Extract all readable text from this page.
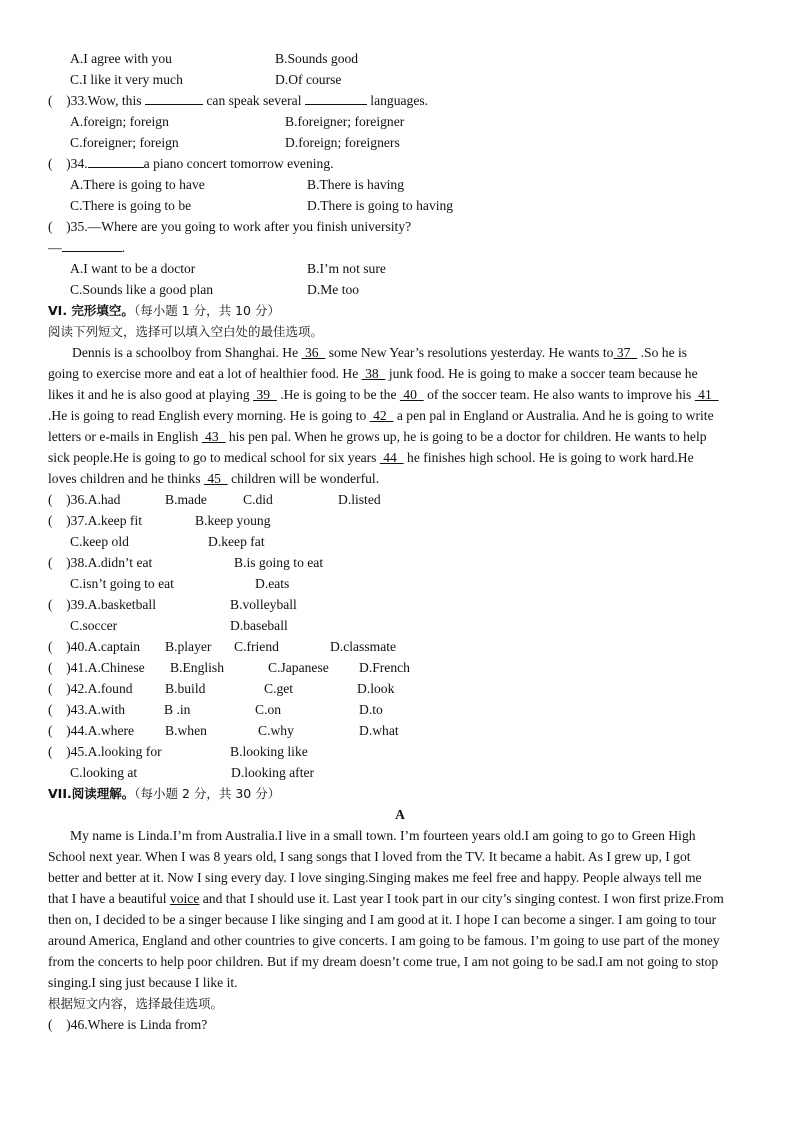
A.I agree with you	B.Sounds good
C.I like it very much	D.Of course
(　)33.Wow, this	can speak several	languages.
A.foreign; foreign	B.foreigner; foreigner
C.foreigner; foreign	D.foreign; foreigners
(　)34.	a piano concert tomorrow evening.
A.There is going to have	B.There is having
C.There is going to be	D.There is going to having
(　)35.—Where are you going to work after you finish university?
—	.
A.I want to be a doctor	B.I’m not sure
C.Sounds like a good plan	D.Me too
VI. 完形填空。（每小题 1 分，共 10 分）
阅读下列短文，选择可以填入空白处的最佳选项。
Dennis is a schoolboy from Shanghai. He  36   some New Year’s resolutions yesterday. He wants to 37   .So he is
going to exercise more and eat a lot of healthier food. He  38   junk food. He is going to make a soccer team because he
likes it and he is also good at playing  39   .He is going to be the  40   of the soccer team. He also wants to improve his  41
.He is going to read English every morning. He is going to  42   a pen pal in England or Australia. And he is going to write
letters or e-mails in English  43   his pen pal. When he grows up, he is going to be a doctor for children. He wants to help
sick people.He is going to go to medical school for six years  44   he finishes high school. He is going to work hard.He
loves children and he thinks  45   children will be wonderful.
(　)36.A.had	B.made	C.did	D.listed
(　)37.A.keep fit	B.keep young
C.keep old	D.keep fat
(　)38.A.didn’t eat	B.is going to eat
C.isn’t going to eat	D.eats
(　)39.A.basketball	B.volleyball
C.soccer	D.baseball
(　)40.A.captain B.player C.friend	D.classmate
(　)41.A.Chinese B.English	C.Japanese D.French
(　)42.A.found B.build	C.get	D.look
(　)43.A.with	B .in	C.on	D.to
(　)44.A.where B.when	C.why	D.what
(　)45.A.looking for	B.looking like
C.looking at	D.looking after
VII.阅读理解。（每小题 2 分，共 30 分）
A
My name is Linda.I’m from Australia.I live in a small town. I’m fourteen years old.I am going to go to Green High
School next year. When I was 8 years old, I sang songs that I loved from the TV. It became a habit. As I grew up, I got
better and better at it. Now I sing every day. I love singing.Singing makes me feel free and happy. People always tell me
that I have a beautiful voice and that I should use it. Last year I took part in our city’s singing contest. I won first prize.From
then on, I decided to be a singer because I like singing and I am good at it. I hope I can become a singer. I am going to tour
around America, England and other countries to give concerts. I am going to be famous. I’m going to use part of the money
from the concerts to help poor children. But if my dream doesn’t come true, I am not going to be sad.I am not going to stop
singing.I sing just because I like it.
根据短文内容，选择最佳选项。
(　)46.Where is Linda from?
